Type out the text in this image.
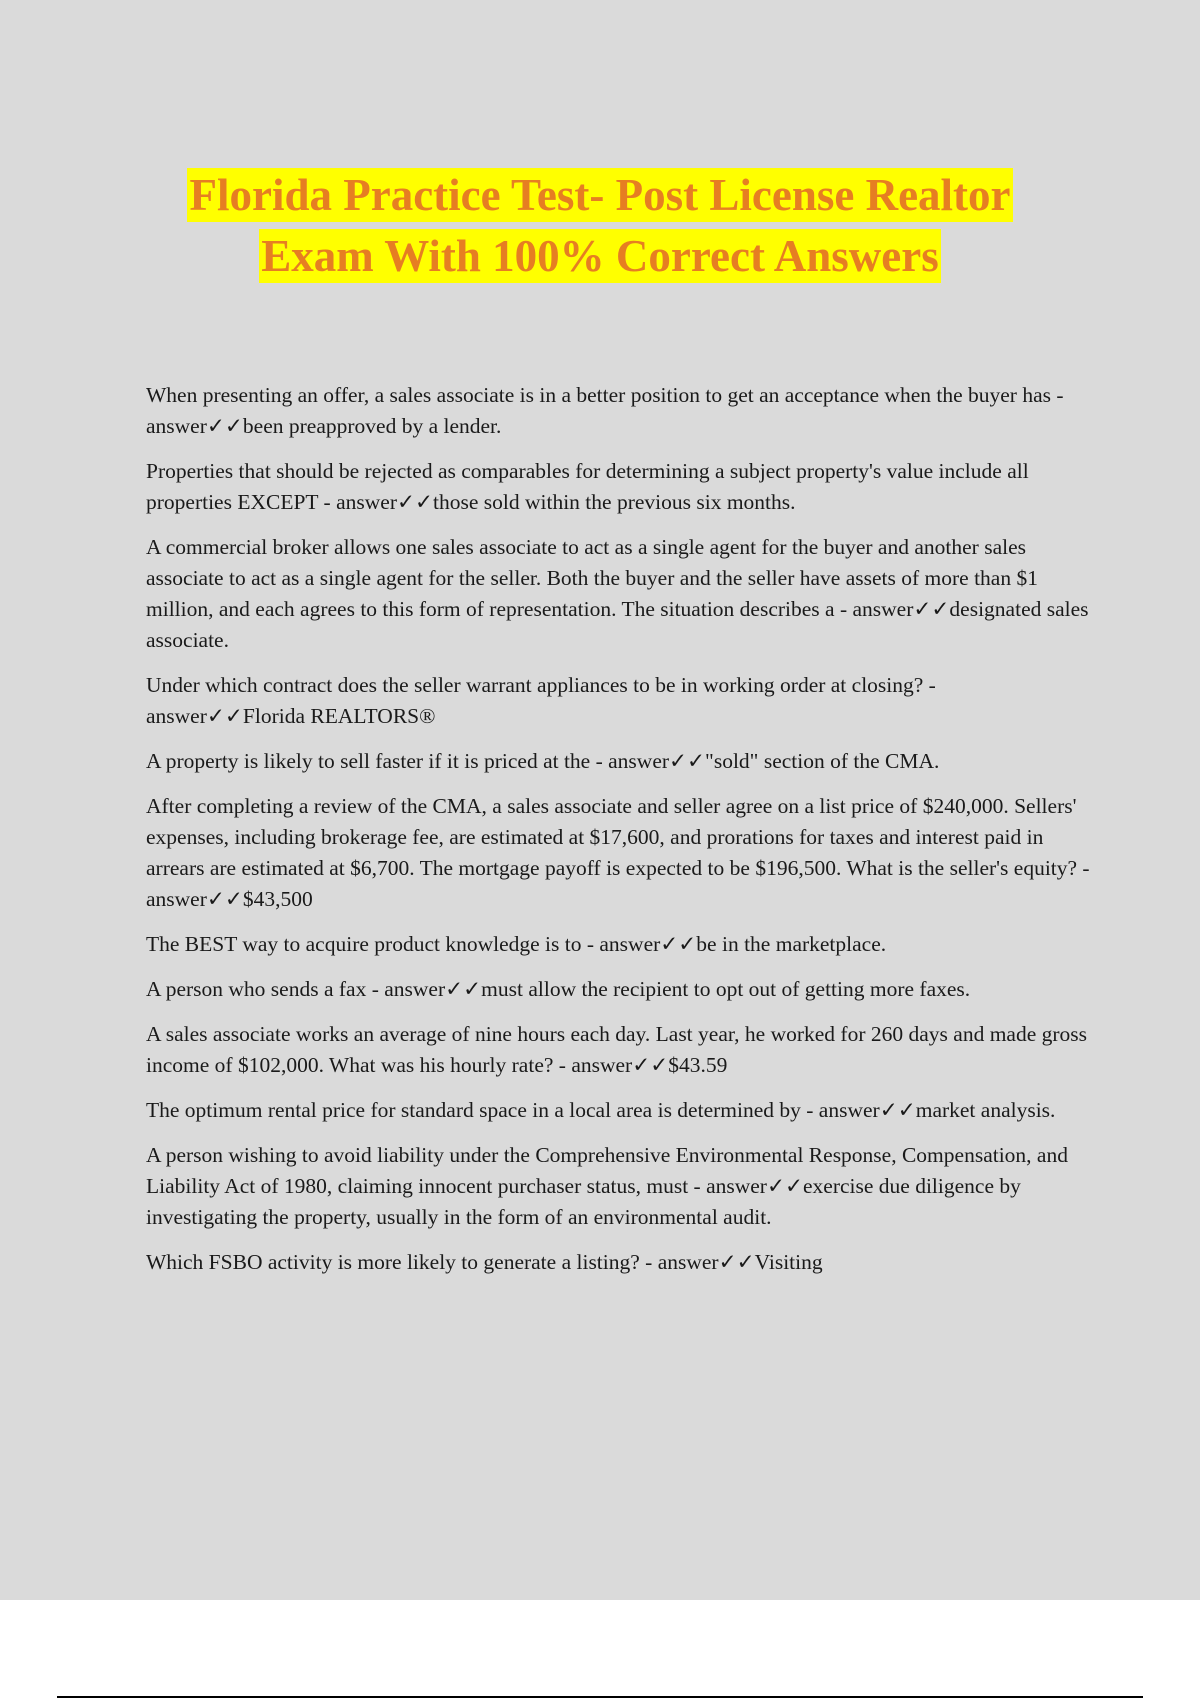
Florida Practice Test- Post License Realtor
Exam With 100% Correct Answers

When presenting an offer, a sales associate is in a better position to get an acceptance when the buyer has - answer✓✓been preapproved by a lender.

Properties that should be rejected as comparables for determining a subject property's value include all properties EXCEPT - answer✓✓those sold within the previous six months.

A commercial broker allows one sales associate to act as a single agent for the buyer and another sales associate to act as a single agent for the seller. Both the buyer and the seller have assets of more than $1 million, and each agrees to this form of representation. The situation describes a - answer✓✓designated sales associate.

Under which contract does the seller warrant appliances to be in working order at closing? - answer✓✓Florida REALTORS®

A property is likely to sell faster if it is priced at the - answer✓✓"sold" section of the CMA.

After completing a review of the CMA, a sales associate and seller agree on a list price of $240,000. Sellers' expenses, including brokerage fee, are estimated at $17,600, and prorations for taxes and interest paid in arrears are estimated at $6,700. The mortgage payoff is expected to be $196,500. What is the seller's equity? - answer✓✓$43,500

The BEST way to acquire product knowledge is to - answer✓✓be in the marketplace.

A person who sends a fax - answer✓✓must allow the recipient to opt out of getting more faxes.

A sales associate works an average of nine hours each day. Last year, he worked for 260 days and made gross income of $102,000. What was his hourly rate? - answer✓✓$43.59

The optimum rental price for standard space in a local area is determined by - answer✓✓market analysis.

A person wishing to avoid liability under the Comprehensive Environmental Response, Compensation, and Liability Act of 1980, claiming innocent purchaser status, must - answer✓✓exercise due diligence by investigating the property, usually in the form of an environmental audit.

Which FSBO activity is more likely to generate a listing? - answer✓✓Visiting
